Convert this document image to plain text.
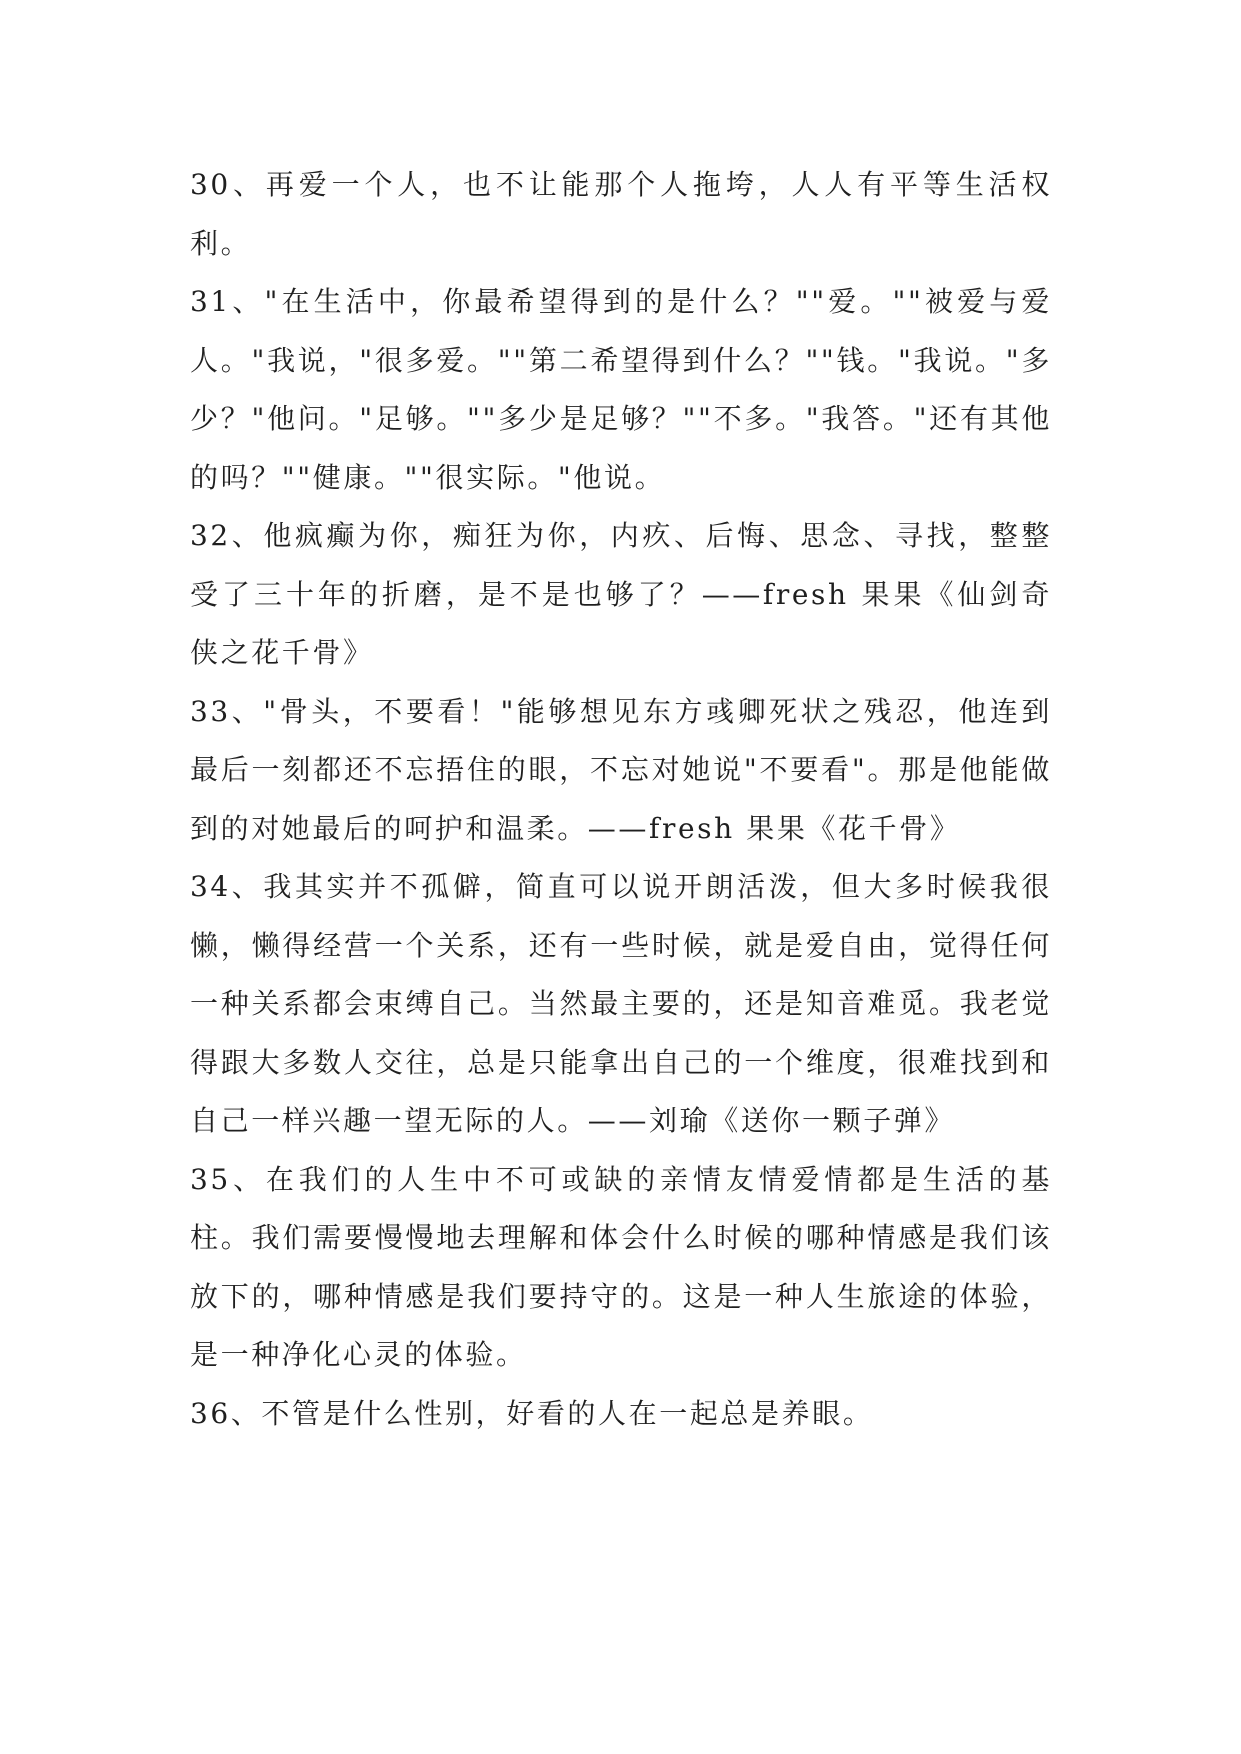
30、再爱一个人，也不让能那个人拖垮，人人有平等生活权利。

31、"在生活中，你最希望得到的是什么？""爱。""被爱与爱人。"我说，"很多爱。""第二希望得到什么？""钱。"我说。"多少？"他问。"足够。""多少是足够？""不多。"我答。"还有其他的吗？""健康。""很实际。"他说。

32、他疯癫为你，痴狂为你，内疚、后悔、思念、寻找，整整受了三十年的折磨，是不是也够了？——fresh 果果《仙剑奇侠之花千骨》

33、"骨头，不要看！"能够想见东方彧卿死状之残忍，他连到最后一刻都还不忘捂住的眼，不忘对她说"不要看"。那是他能做到的对她最后的呵护和温柔。——fresh 果果《花千骨》

34、我其实并不孤僻，简直可以说开朗活泼，但大多时候我很懒，懒得经营一个关系，还有一些时候，就是爱自由，觉得任何一种关系都会束缚自己。当然最主要的，还是知音难觅。我老觉得跟大多数人交往，总是只能拿出自己的一个维度，很难找到和自己一样兴趣一望无际的人。——刘瑜《送你一颗子弹》

35、在我们的人生中不可或缺的亲情友情爱情都是生活的基柱。我们需要慢慢地去理解和体会什么时候的哪种情感是我们该放下的，哪种情感是我们要持守的。这是一种人生旅途的体验，是一种净化心灵的体验。

36、不管是什么性别，好看的人在一起总是养眼。
